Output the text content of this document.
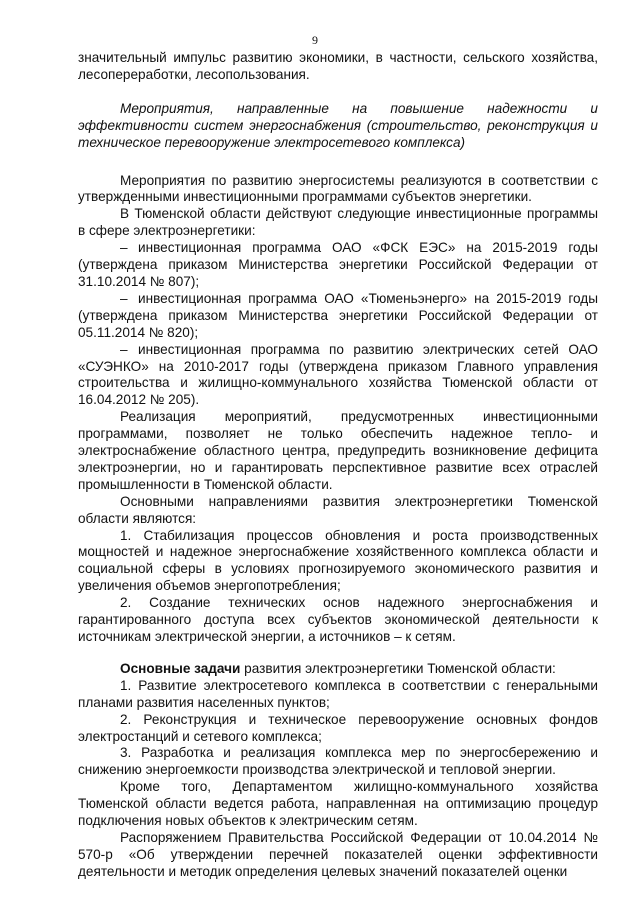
9

значительный импульс развитию экономики, в частности, сельского хозяйства, лесопереработки, лесопользования.

Мероприятия, направленные на повышение надежности и эффективности систем энергоснабжения (строительство, реконструкция и техническое перевооружение электросетевого комплекса)

Мероприятия по развитию энергосистемы реализуются в соответствии с утвержденными инвестиционными программами субъектов энергетики.

В Тюменской области действуют следующие инвестиционные программы в сфере электроэнергетики:

– инвестиционная программа ОАО «ФСК ЕЭС» на 2015-2019 годы (утверждена приказом Министерства энергетики Российской Федерации от 31.10.2014 № 807);

– инвестиционная программа ОАО «Тюменьэнерго» на 2015-2019 годы (утверждена приказом Министерства энергетики Российской Федерации от 05.11.2014 № 820);

– инвестиционная программа по развитию электрических сетей ОАО «СУЭНКО» на 2010-2017 годы (утверждена приказом Главного управления строительства и жилищно-коммунального хозяйства Тюменской области от 16.04.2012 № 205).

Реализация мероприятий, предусмотренных инвестиционными программами, позволяет не только обеспечить надежное тепло- и электроснабжение областного центра, предупредить возникновение дефицита электроэнергии, но и гарантировать перспективное развитие всех отраслей промышленности в Тюменской области.

Основными направлениями развития электроэнергетики Тюменской области являются:

1. Стабилизация процессов обновления и роста производственных мощностей и надежное энергоснабжение хозяйственного комплекса области и социальной сферы в условиях прогнозируемого экономического развития и увеличения объемов энергопотребления;

2. Создание технических основ надежного энергоснабжения и гарантированного доступа всех субъектов экономической деятельности к источникам электрической энергии, а источников – к сетям.

Основные задачи развития электроэнергетики Тюменской области:

1. Развитие электросетевого комплекса в соответствии с генеральными планами развития населенных пунктов;

2. Реконструкция и техническое перевооружение основных фондов электростанций и сетевого комплекса;

3. Разработка и реализация комплекса мер по энергосбережению и снижению энергоемкости производства электрической и тепловой энергии.

Кроме того, Департаментом жилищно-коммунального хозяйства Тюменской области ведется работа, направленная на оптимизацию процедур подключения новых объектов к электрическим сетям.

Распоряжением Правительства Российской Федерации от 10.04.2014 № 570-р «Об утверждении перечней показателей оценки эффективности деятельности и методик определения целевых значений показателей оценки
